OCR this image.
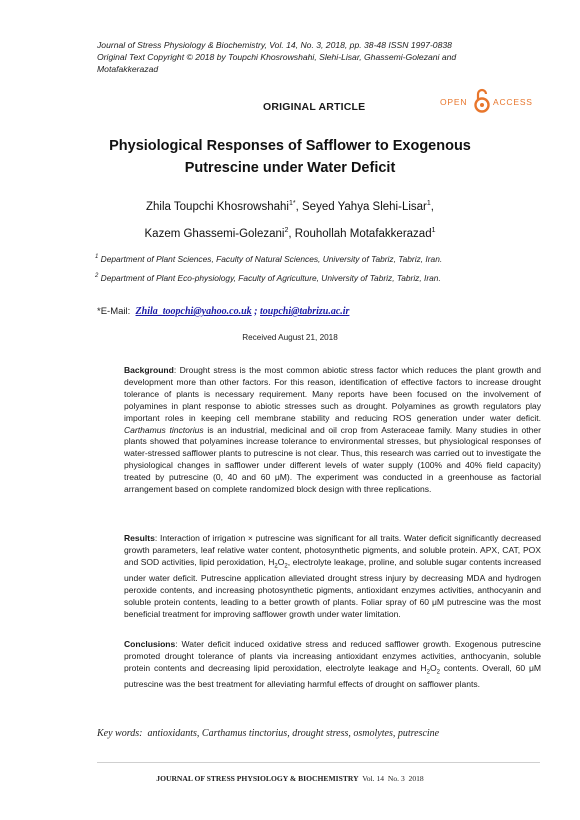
Journal of Stress Physiology & Biochemistry, Vol. 14, No. 3, 2018, pp. 38-48 ISSN 1997-0838
Original Text Copyright © 2018 by Toupchi Khosrowshahi, Slehi-Lisar, Ghassemi-Golezani and
Motafakkerazad
ORIGINAL ARTICLE	OPEN	ACCESS
Physiological Responses of Safflower to Exogenous
Putrescine under Water Deficit
Zhila Toupchi Khosrowshahi$^{1*}$, Seyed Yahya Slehi-Lisar$^1$,
Kazem Ghassemi-Golezani$^2$, Rouhollah Motafakkerazad$^1$
$^1$ Department of Plant Sciences, Faculty of Natural Sciences, University of Tabriz, Tabriz, Iran.
$^2$ Department of Plant Eco-physiology, Faculty of Agriculture, University of Tabriz, Tabriz, Iran.
*E-Mail:  Zhila_toopchi@yahoo.co.uk ; toupchi@tabrizu.ac.ir
Received August 21, 2018
Background: Drought stress is the most common abiotic stress factor which reduces the plant growth and development more than other factors. For this reason, identification of effective factors to increase drought tolerance of plants is necessary requirement. Many reports have been focused on the involvement of polyamines in plant response to abiotic stresses such as drought. Polyamines as growth regulators play important roles in keeping cell membrane stability and reducing ROS generation under water deficit. Carthamus tinctorius is an industrial, medicinal and oil crop from Asteraceae family. Many studies in other plants showed that polyamines increase tolerance to environmental stresses, but physiological responses of water-stressed safflower plants to putrescine is not clear. Thus, this research was carried out to investigate the physiological changes in safflower under different levels of water supply (100% and 40% field capacity) treated by putrescine (0, 40 and 60 μM). The experiment was conducted in a greenhouse as factorial arrangement based on complete randomized block design with three replications.
Results: Interaction of irrigation × putrescine was significant for all traits. Water deficit significantly decreased growth parameters, leaf relative water content, photosynthetic pigments, and soluble protein. APX, CAT, POX and SOD activities, lipid peroxidation, $H_2O_2$, electrolyte leakage, proline, and soluble sugar contents increased under water deficit. Putrescine application alleviated drought stress injury by decreasing MDA and hydrogen peroxide contents, and increasing photosynthetic pigments, antioxidant enzymes activities, anthocyanin and soluble protein contents, leading to a better growth of plants. Foliar spray of 60 μM putrescine was the most beneficial treatment for improving safflower growth under water limitation.
Conclusions: Water deficit induced oxidative stress and reduced safflower growth. Exogenous putrescine promoted drought tolerance of plants via increasing antioxidant enzymes activities, anthocyanin, soluble protein contents and decreasing lipid peroxidation, electrolyte leakage and $H_2O_2$ contents. Overall, 60 μM putrescine was the best treatment for alleviating harmful effects of drought on safflower plants.
Key words:  antioxidants, Carthamus tinctorius, drought stress, osmolytes, putrescine
JOURNAL OF STRESS PHYSIOLOGY & BIOCHEMISTRY  Vol. 14  No. 3  2018
